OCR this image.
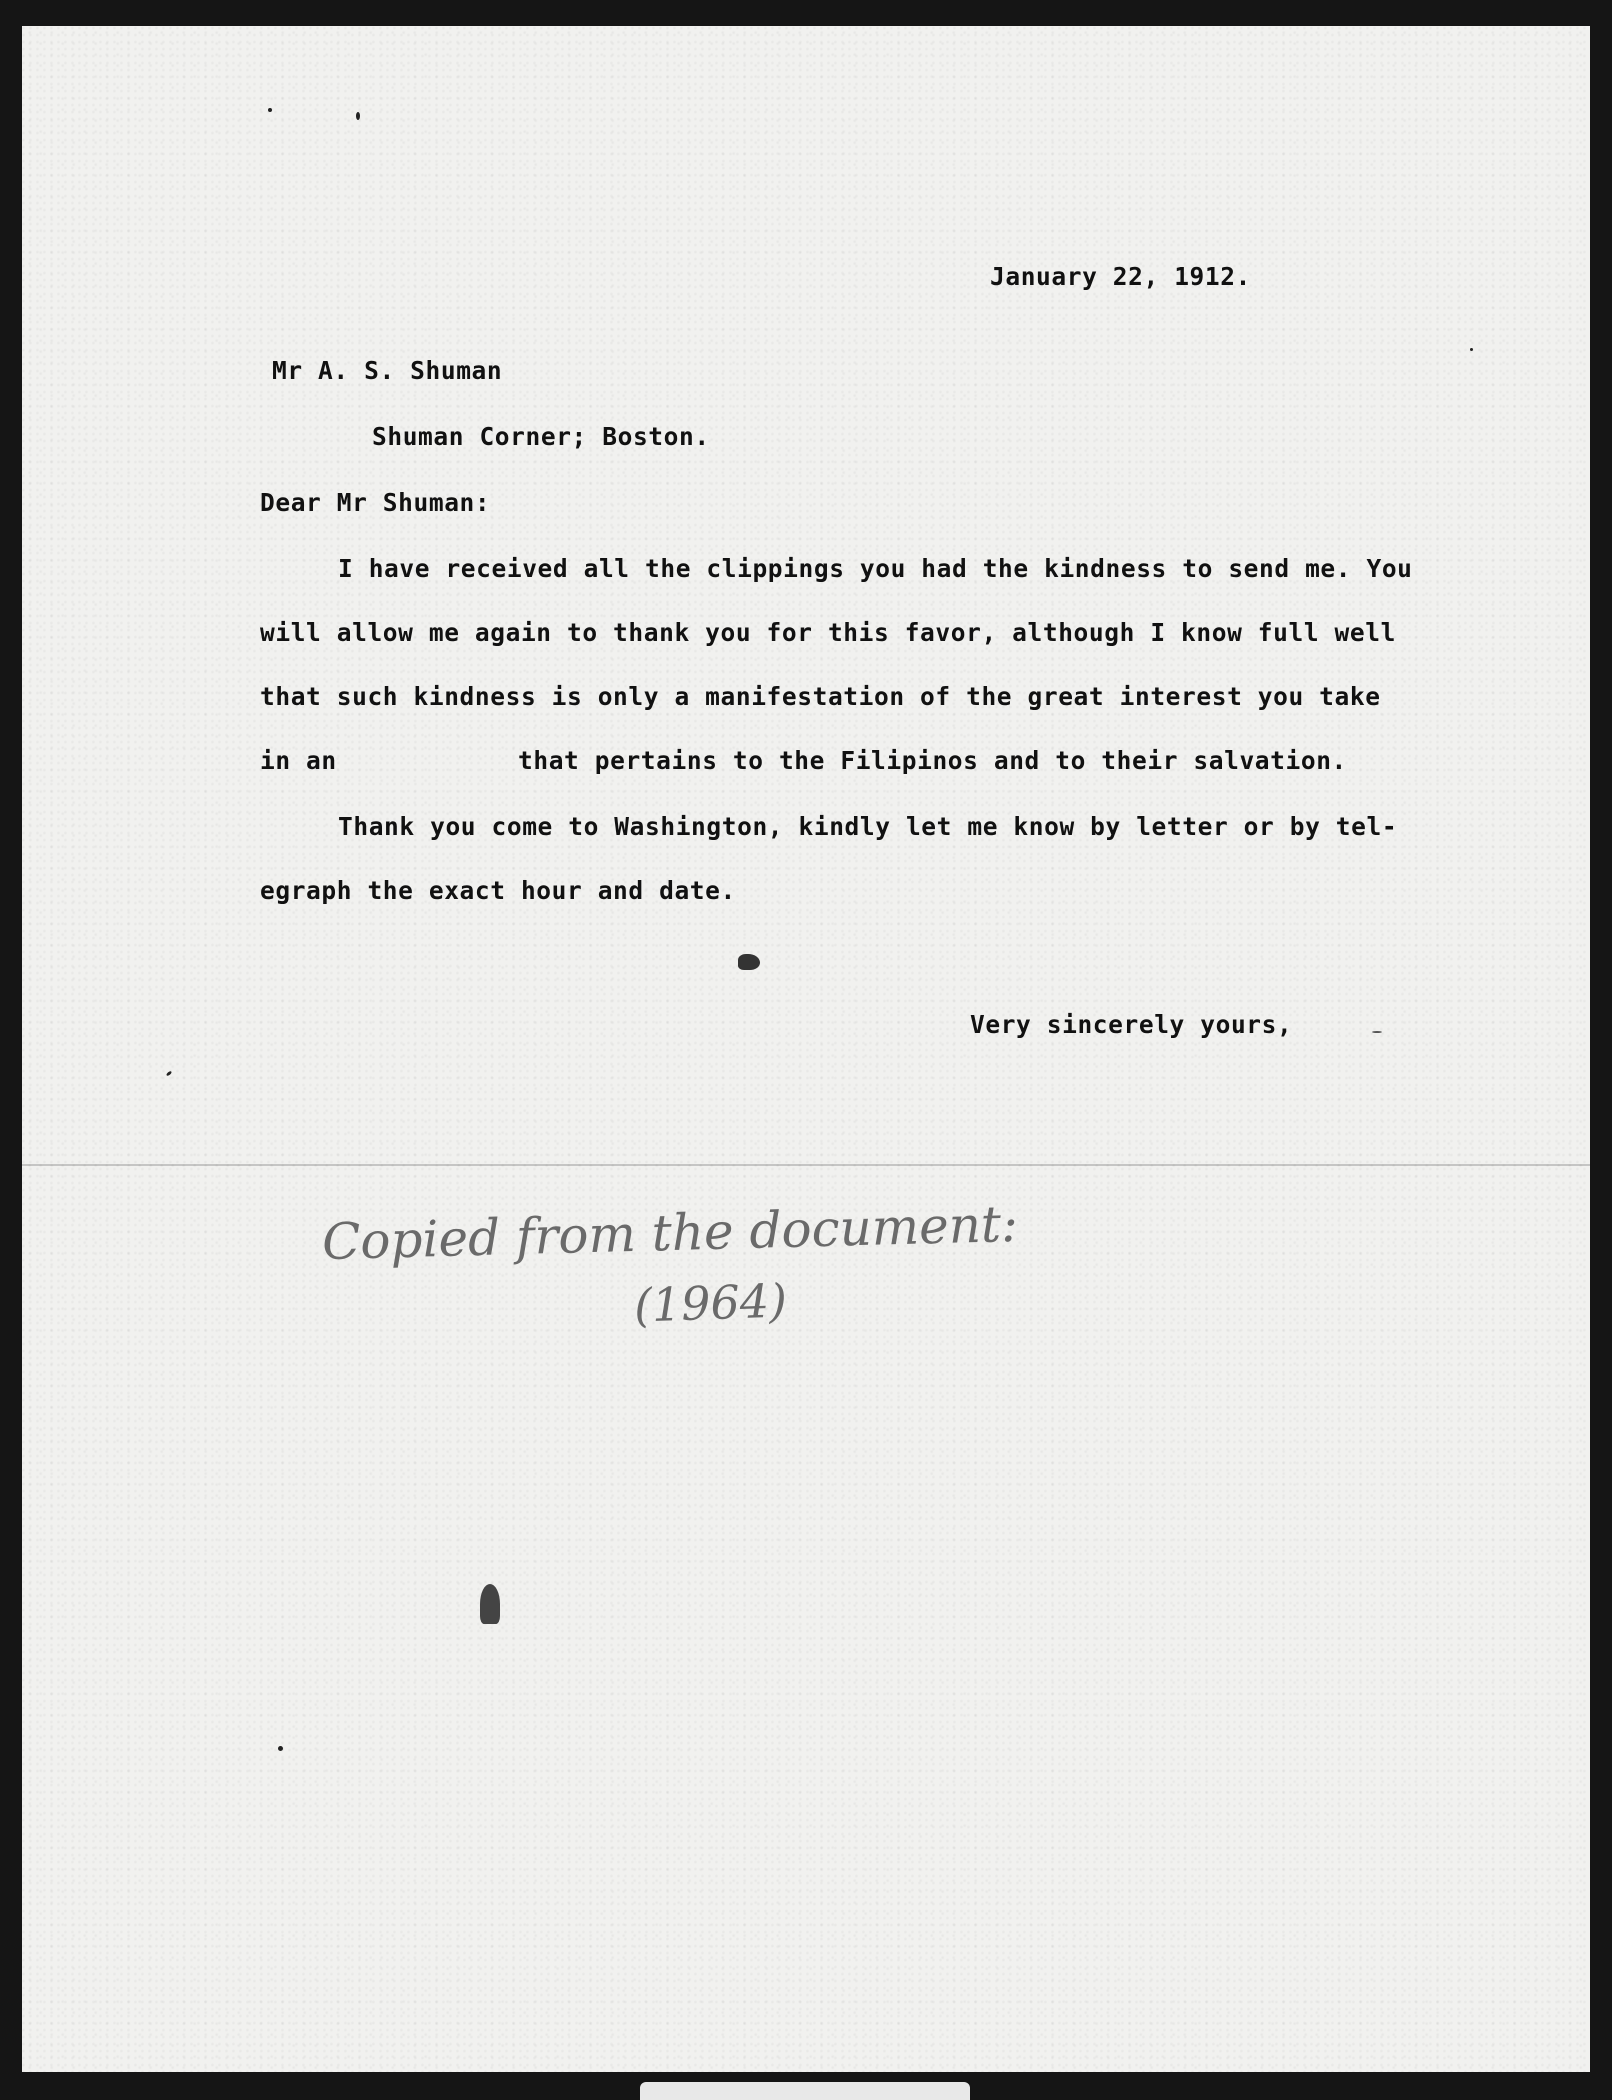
January 22, 1912.
Mr A. S. Shuman
Shuman Corner; Boston.
Dear Mr Shuman:
I have received all the clippings you had the kindness to send me. You
will allow me again to thank you for this favor, although I know full well
that such kindness is only a manifestation of the great interest you take
in an	that pertains to the Filipinos and to their salvation.
Thank you come to Washington, kindly let me know by letter or by tel-
egraph the exact hour and date.
Very sincerely yours,
Copied from the document:
(1964)
